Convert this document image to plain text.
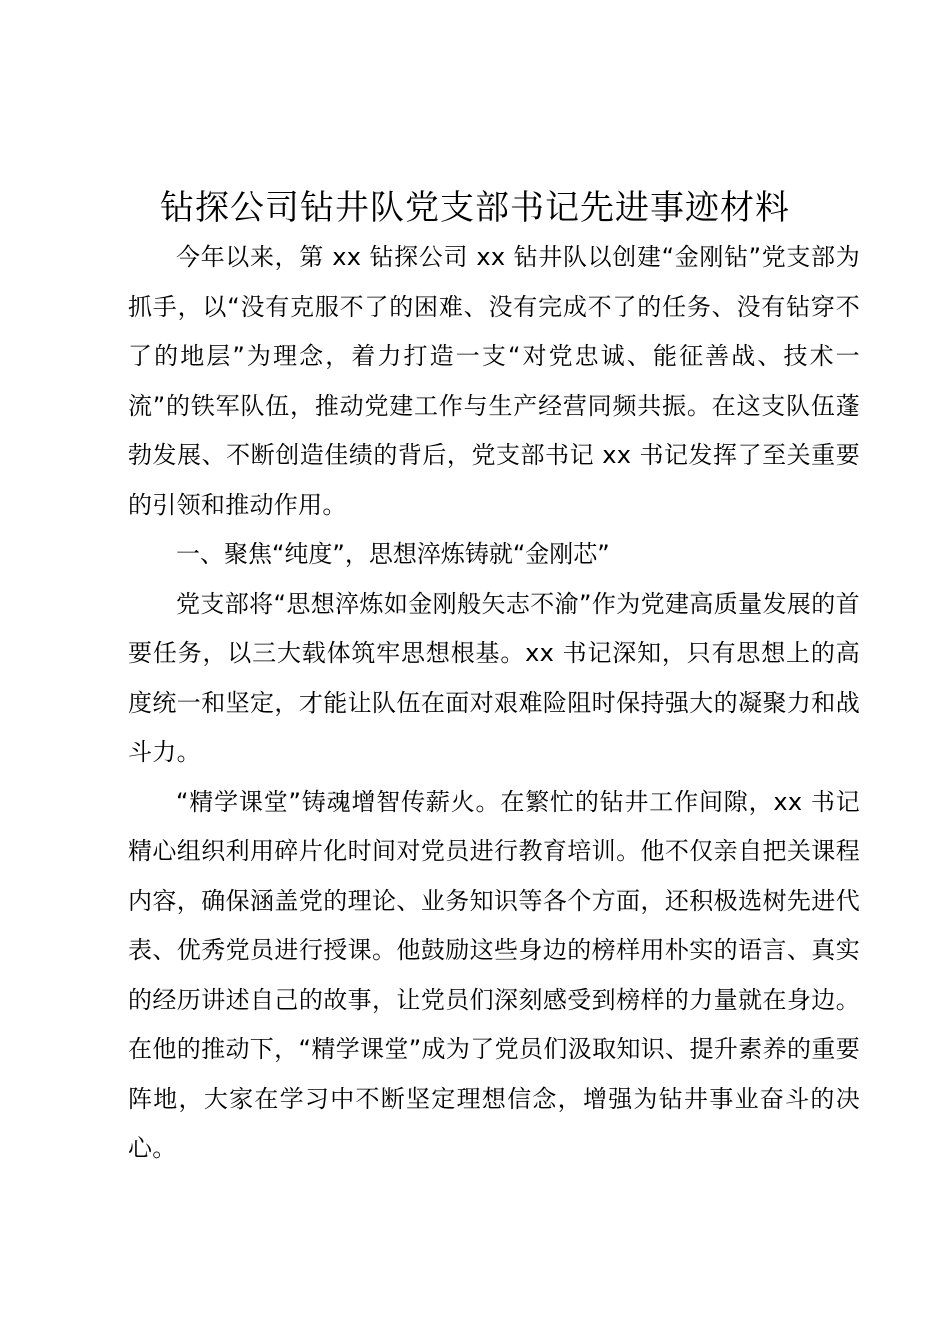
钻探公司钻井队党支部书记先进事迹材料

今年以来，第 xx 钻探公司 xx 钻井队以创建“金刚钻”党支部为抓手，以“没有克服不了的困难、没有完成不了的任务、没有钻穿不了的地层”为理念，着力打造一支“对党忠诚、能征善战、技术一流”的铁军队伍，推动党建工作与生产经营同频共振。在这支队伍蓬勃发展、不断创造佳绩的背后，党支部书记 xx 书记发挥了至关重要的引领和推动作用。

一、聚焦“纯度”，思想淬炼铸就“金刚芯”

党支部将“思想淬炼如金刚般矢志不渝”作为党建高质量发展的首要任务，以三大载体筑牢思想根基。xx 书记深知，只有思想上的高度统一和坚定，才能让队伍在面对艰难险阻时保持强大的凝聚力和战斗力。

“精学课堂”铸魂增智传薪火。在繁忙的钻井工作间隙，xx 书记精心组织利用碎片化时间对党员进行教育培训。他不仅亲自把关课程内容，确保涵盖党的理论、业务知识等各个方面，还积极选树先进代表、优秀党员进行授课。他鼓励这些身边的榜样用朴实的语言、真实的经历讲述自己的故事，让党员们深刻感受到榜样的力量就在身边。在他的推动下，“精学课堂”成为了党员们汲取知识、提升素养的重要阵地，大家在学习中不断坚定理想信念，增强为钻井事业奋斗的决心。
